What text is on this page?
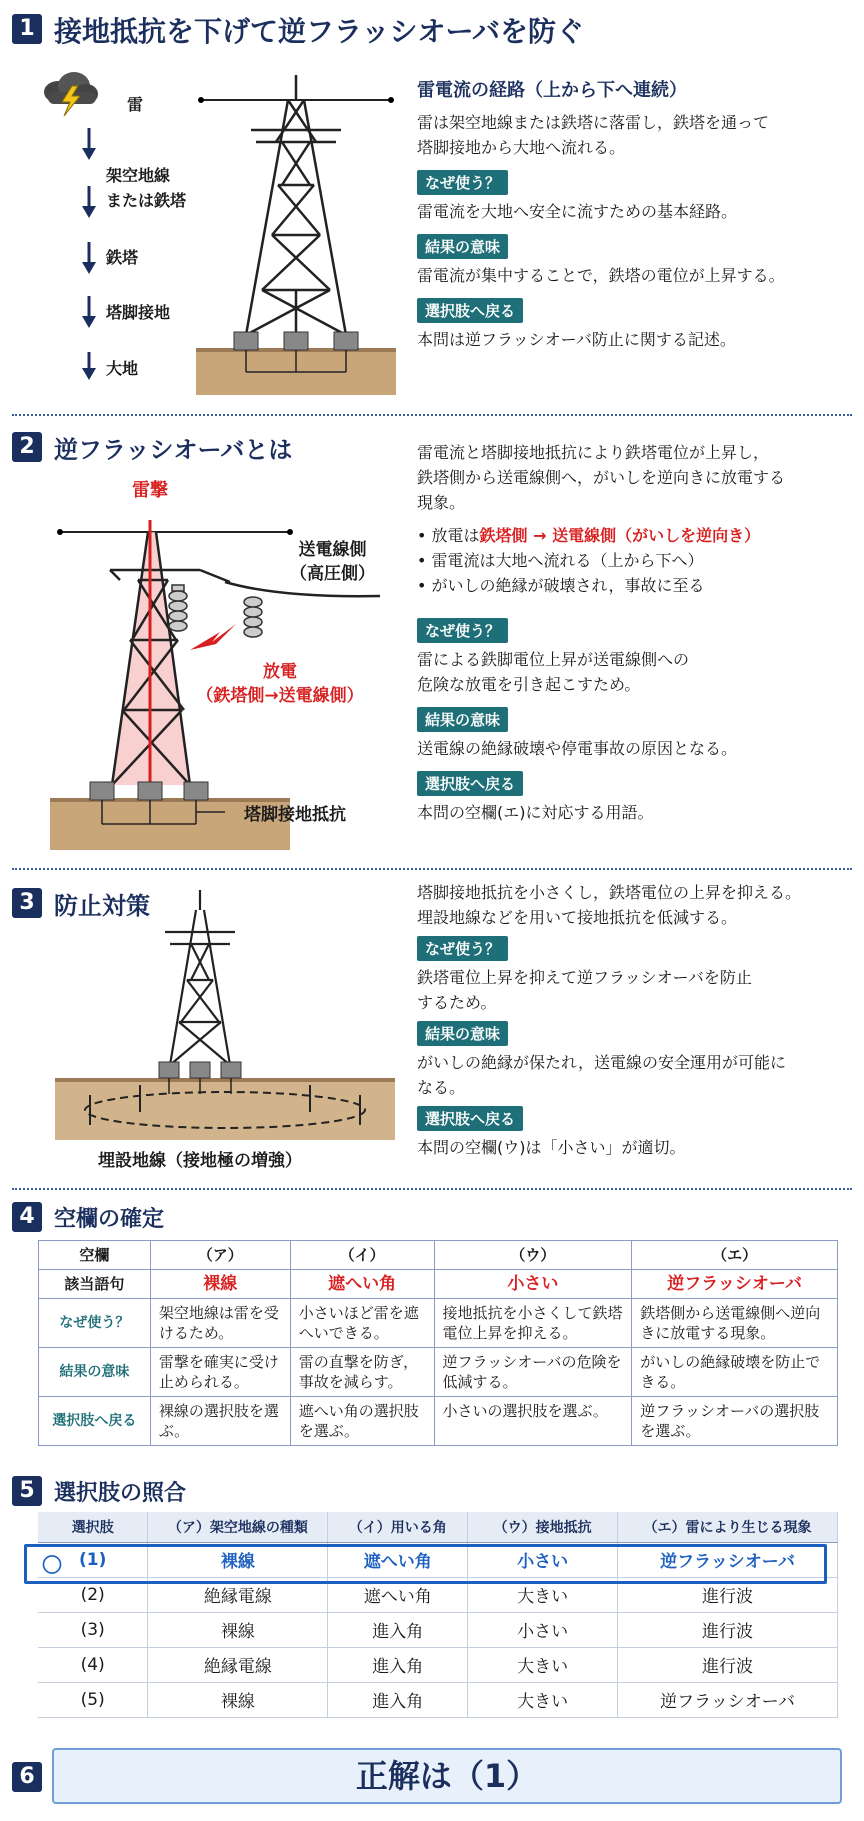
1 接地抵抗を下げて逆フラッシオーバを防ぐ
雷
架空地線
または鉄塔
鉄塔
塔脚接地
大地
雷電流の経路（上から下へ連続）
雷は架空地線または鉄塔に落雷し，鉄塔を通って
塔脚接地から大地へ流れる。
なぜ使う？
雷電流を大地へ安全に流すための基本経路。
結果の意味
雷電流が集中することで，鉄塔の電位が上昇する。
選択肢へ戻る
本問は逆フラッシオーバ防止に関する記述。
2 逆フラッシオーバとは
雷撃
送電線側
（高圧側）
放電
（鉄塔側→送電線側）
塔脚接地抵抗
雷電流と塔脚接地抵抗により鉄塔電位が上昇し，
鉄塔側から送電線側へ，がいしを逆向きに放電する
現象。
• 放電は鉄塔側 → 送電線側（がいしを逆向き）
• 雷電流は大地へ流れる（上から下へ）
• がいしの絶縁が破壊され，事故に至る
なぜ使う？
雷による鉄脚電位上昇が送電線側への
危険な放電を引き起こすため。
結果の意味
送電線の絶縁破壊や停電事故の原因となる。
選択肢へ戻る
本問の空欄(エ)に対応する用語。
3 防止対策
埋設地線（接地極の増強）
塔脚接地抵抗を小さくし，鉄塔電位の上昇を抑える。
埋設地線などを用いて接地抵抗を低減する。
なぜ使う？
鉄塔電位上昇を抑えて逆フラッシオーバを防止
するため。
結果の意味
がいしの絶縁が保たれ，送電線の安全運用が可能に
なる。
選択肢へ戻る
本問の空欄(ウ)は「小さい」が適切。
4 空欄の確定
空欄	（ア）	（イ）	（ウ）	（エ）
該当語句	裸線	遮へい角	小さい	逆フラッシオーバ
なぜ使う？	架空地線は雷を受けるため。	小さいほど雷を遮へいできる。	接地抵抗を小さくして鉄塔電位上昇を抑える。	鉄塔側から送電線側へ逆向きに放電する現象。
結果の意味	雷撃を確実に受け止められる。	雷の直撃を防ぎ，事故を減らす。	逆フラッシオーバの危険を低減する。	がいしの絶縁破壊を防止できる。
選択肢へ戻る	裸線の選択肢を選ぶ。	遮へい角の選択肢を選ぶ。	小さいの選択肢を選ぶ。	逆フラッシオーバの選択肢を選ぶ。
5 選択肢の照合
選択肢	（ア）架空地線の種類	（イ）用いる角	（ウ）接地抵抗	（エ）雷により生じる現象

〇 (1)	裸線	遮へい角	小さい	逆フラッシオーバ
(2)	絶縁電線	遮へい角	大きい	進行波
(3)	裸線	進入角	小さい	進行波
(4)	絶縁電線	進入角	大きい	進行波
(5)	裸線	進入角	大きい	逆フラッシオーバ
6	正解は（1）
